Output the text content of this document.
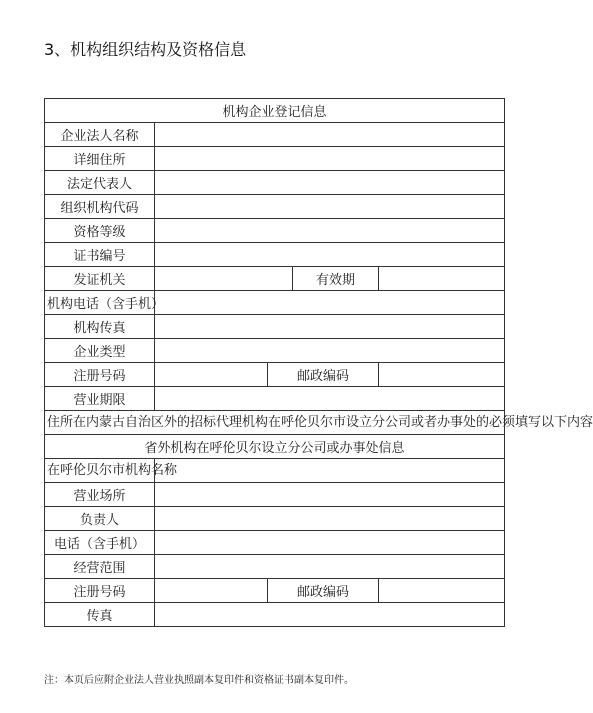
3、机构组织结构及资格信息
机构企业登记信息				
企业法人名称				
详细住所				
法定代表人				
组织机构代码				
资格等级				
证书编号				
发证机关			有效期	
机构电话（含手机）				
机构传真				
企业类型				
注册号码		邮政编码		
营业期限				
住所在内蒙古自治区外的招标代理机构在呼伦贝尔市设立分公司或者办事处的必须填写以下内容				
省外机构在呼伦贝尔设立分公司或办事处信息				
在呼伦贝尔市机构名称				
营业场所				
负责人				
电话（含手机）				
经营范围				
注册号码		邮政编码		
传真				
注：本页后应附企业法人营业执照副本复印件和资格证书副本复印件。
